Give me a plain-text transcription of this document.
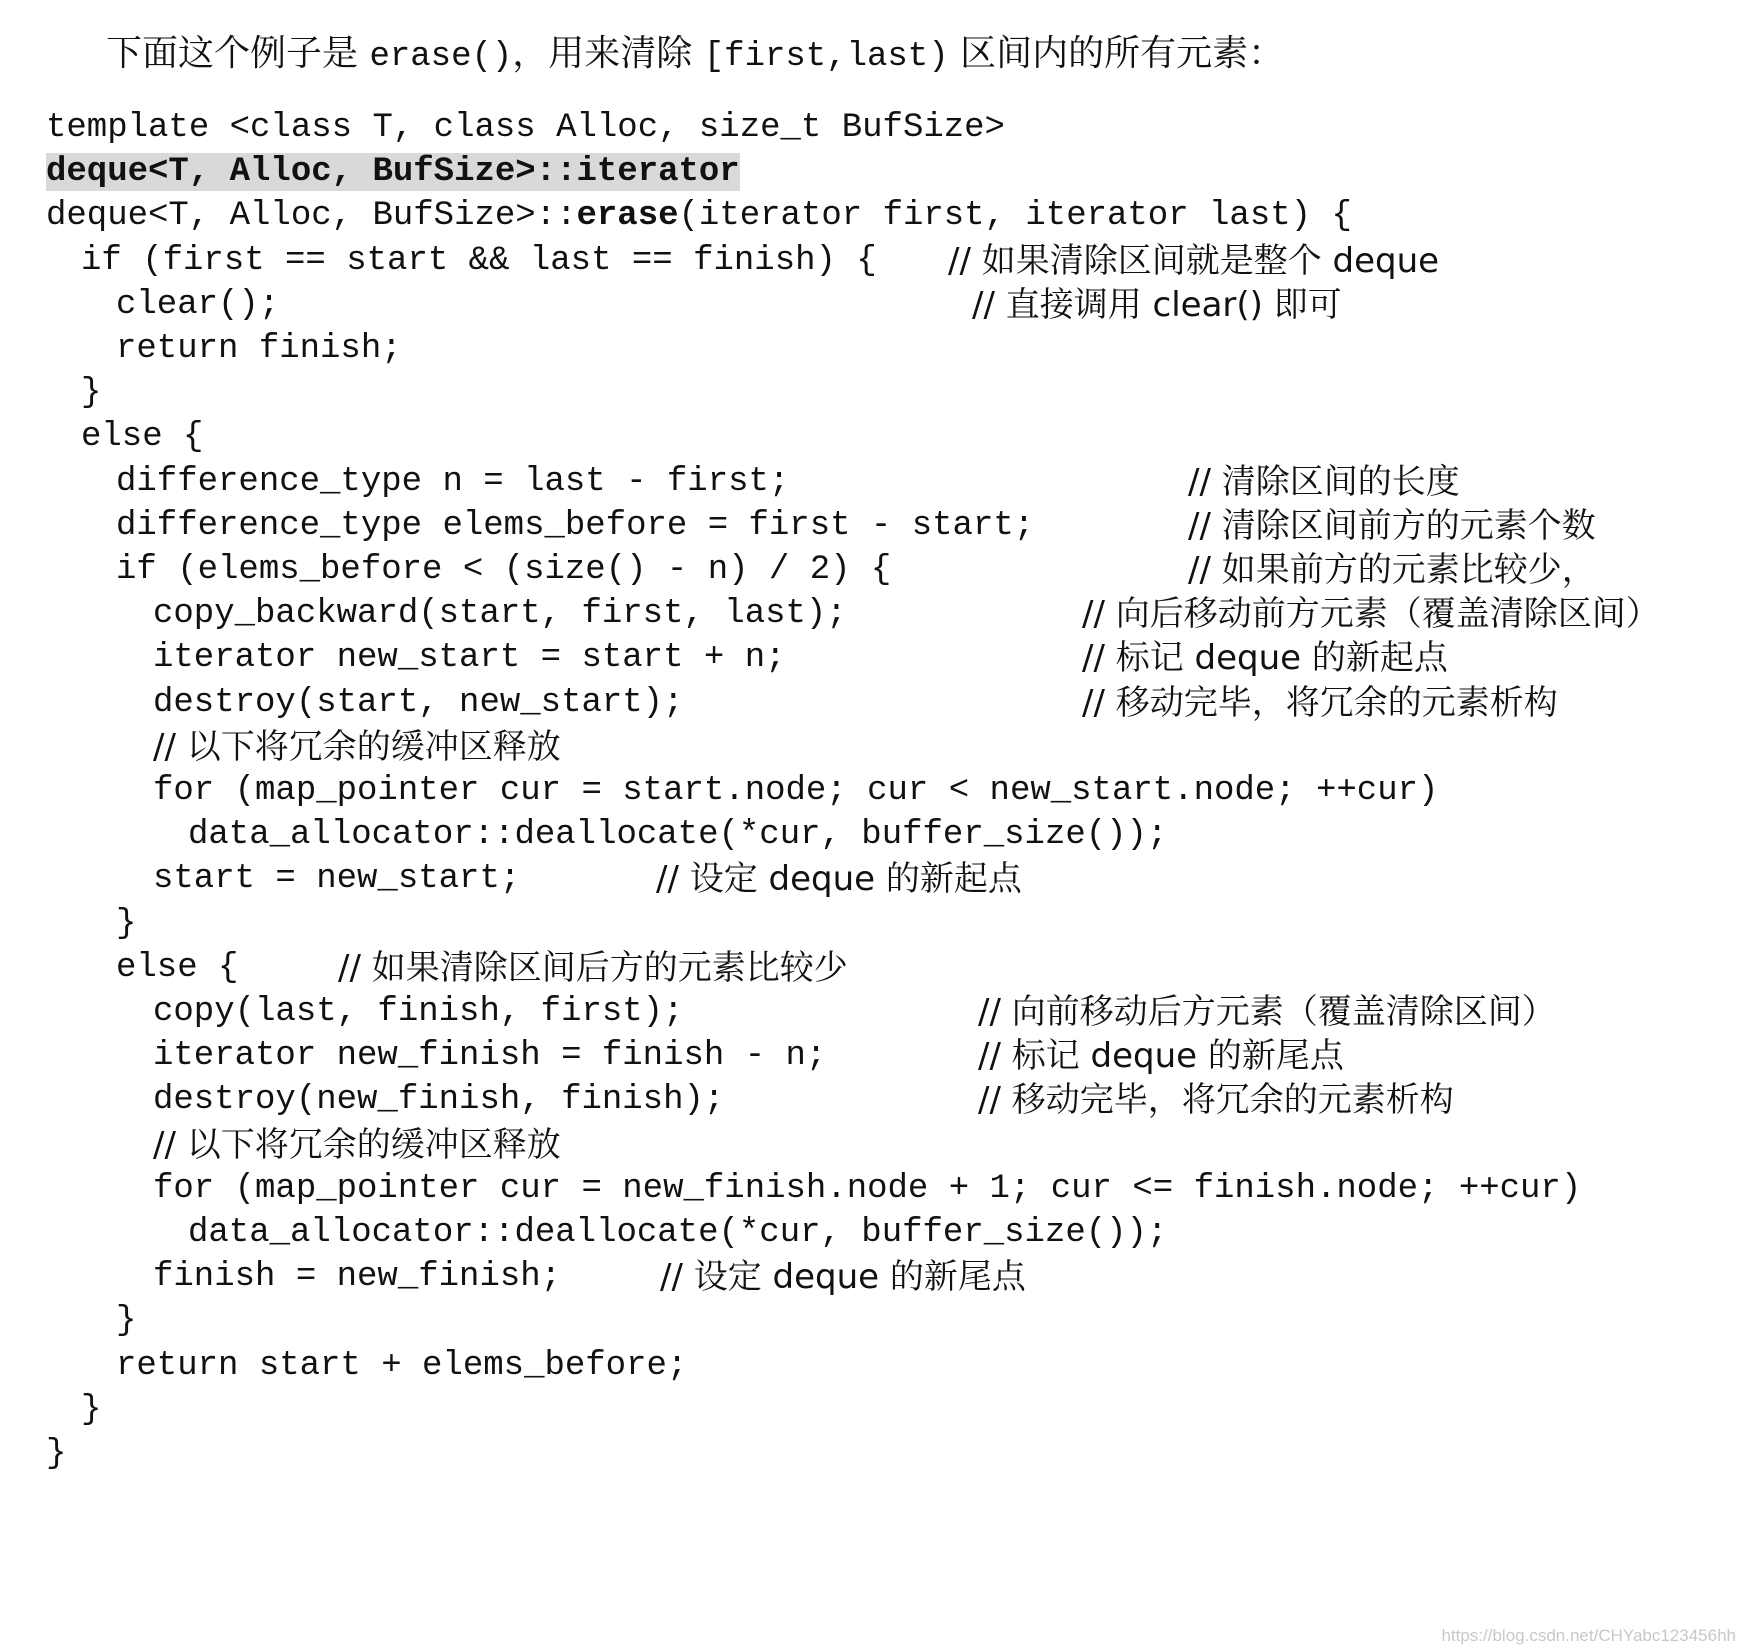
下面这个例子是 erase()，用来清除 [first,last) 区间内的所有元素：
template <class T, class Alloc, size_t BufSize>
deque<T, Alloc, BufSize>::iterator
deque<T, Alloc, BufSize>::erase(iterator first, iterator last) {
if (first == start && last == finish) { // 如果清除区间就是整个 deque
clear();	// 直接调用 clear() 即可
return finish;
}
else {
difference_type n = last - first;	// 清除区间的长度
difference_type elems_before = first - start;	// 清除区间前方的元素个数
if (elems_before < (size() - n) / 2) {	// 如果前方的元素比较少，
copy_backward(start, first, last);	// 向后移动前方元素（覆盖清除区间）
iterator new_start = start + n;	// 标记 deque 的新起点
destroy(start, new_start);	// 移动完毕，将冗余的元素析构
// 以下将冗余的缓冲区释放
for (map_pointer cur = start.node; cur < new_start.node; ++cur)
data_allocator::deallocate(*cur, buffer_size());
start = new_start; // 设定 deque 的新起点
}
else { // 如果清除区间后方的元素比较少
copy(last, finish, first);	// 向前移动后方元素（覆盖清除区间）
iterator new_finish = finish - n;	// 标记 deque 的新尾点
destroy(new_finish, finish);	// 移动完毕，将冗余的元素析构
// 以下将冗余的缓冲区释放
for (map_pointer cur = new_finish.node + 1; cur <= finish.node; ++cur)
data_allocator::deallocate(*cur, buffer_size());
finish = new_finish; // 设定 deque 的新尾点
}
return start + elems_before;
}
}
https://blog.csdn.net/CHYabc123456hh
